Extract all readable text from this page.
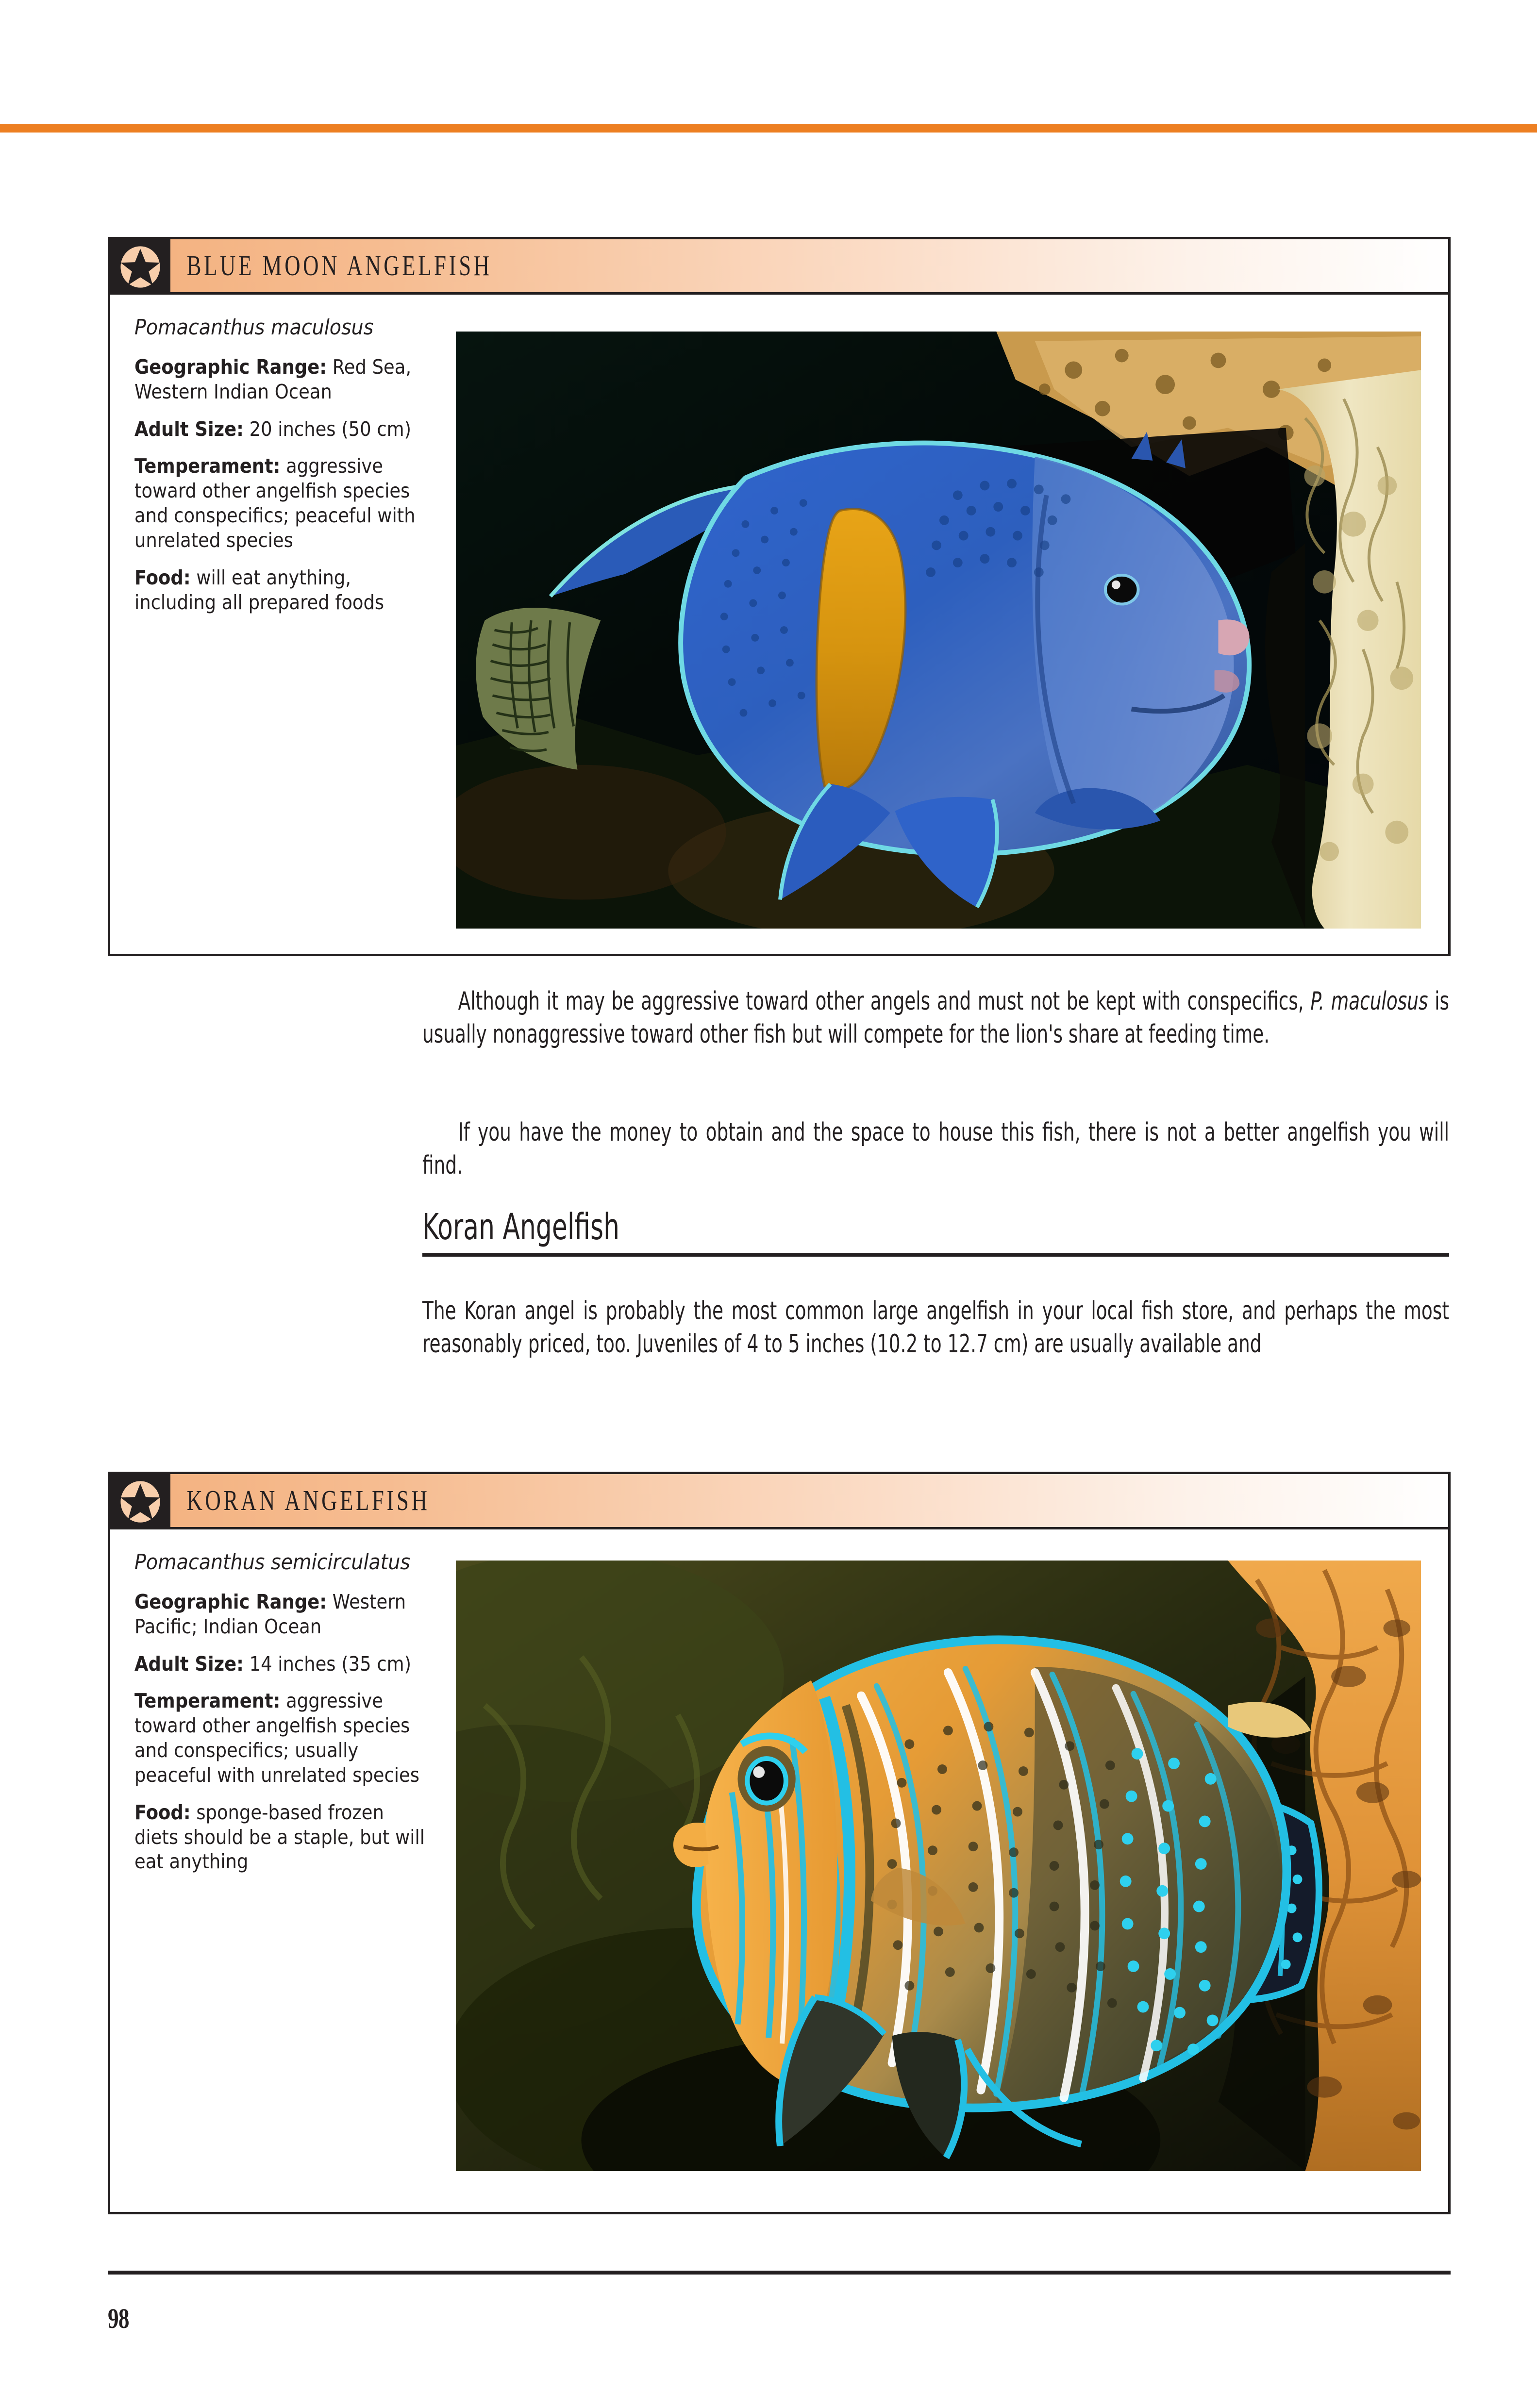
BLUE MOON ANGELFISH
Pomacanthus maculosus

Geographic Range: Red Sea, Western Indian Ocean

Adult Size: 20 inches (50 cm)

Temperament: aggressive toward other angelfish species and conspecifics; peaceful with unrelated species

Food: will eat anything, including all prepared foods

Although it may be aggressive toward other angels and must not be kept with conspecifics, P. maculosus is usually nonaggressive toward other fish but will compete for the lion's share at feeding time.

If you have the money to obtain and the space to house this fish, there is not a better angelfish you will find.

Koran Angelfish

The Koran angel is probably the most common large angelfish in your local fish store, and perhaps the most reasonably priced, too. Juveniles of 4 to 5 inches (10.2 to 12.7 cm) are usually available and

KORAN ANGELFISH
Pomacanthus semicirculatus

Geographic Range: Western Pacific; Indian Ocean

Adult Size: 14 inches (35 cm)

Temperament: aggressive toward other angelfish species and conspecifics; usually peaceful with unrelated species

Food: sponge-based frozen diets should be a staple, but will eat anything

98
